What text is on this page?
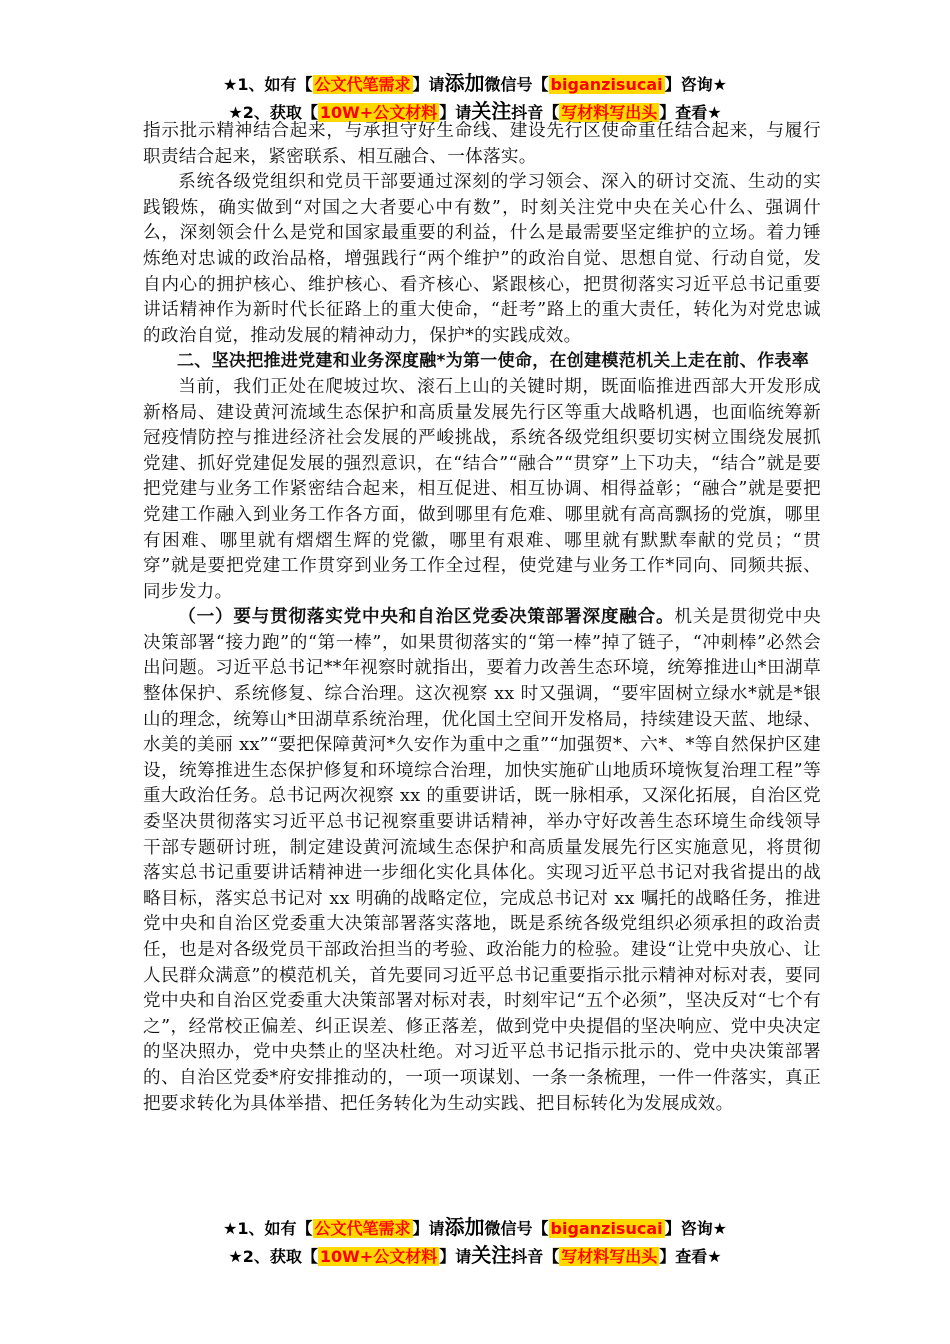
★1、如有【 公文代笔需求 】请添加微信号【 biganzisucai 】咨询★
★2、获取【 10W+公文材料 】请关注抖音【 写材料写出头 】查看★

指示批示精神结合起来，与承担守好生命线、建设先行区使命重任结合起来，与履行职责结合起来，紧密联系、相互融合、一体落实。

系统各级党组织和党员干部要通过深刻的学习领会、深入的研讨交流、生动的实践锻炼，确实做到“对国之大者要心中有数”，时刻关注党中央在关心什么、强调什么，深刻领会什么是党和国家最重要的利益，什么是最需要坚定维护的立场。着力锤炼绝对忠诚的政治品格，增强践行“两个维护”的政治自觉、思想自觉、行动自觉，发自内心的拥护核心、维护核心、看齐核心、紧跟核心，把贯彻落实习近平总书记重要讲话精神作为新时代长征路上的重大使命，“赶考”路上的重大责任，转化为对党忠诚的政治自觉，推动发展的精神动力，保护*的实践成效。

二、坚决把推进党建和业务深度融*为第一使命，在创建模范机关上走在前、作表率

当前，我们正处在爬坡过坎、滚石上山的关键时期，既面临推进西部大开发形成新格局、建设黄河流域生态保护和高质量发展先行区等重大战略机遇，也面临统筹新冠疫情防控与推进经济社会发展的严峻挑战，系统各级党组织要切实树立围绕发展抓党建、抓好党建促发展的强烈意识，在“结合”“融合”“贯穿”上下功夫，“结合”就是要把党建与业务工作紧密结合起来，相互促进、相互协调、相得益彰；“融合”就是要把党建工作融入到业务工作各方面，做到哪里有危难、哪里就有高高飘扬的党旗，哪里有困难、哪里就有熠熠生辉的党徽，哪里有艰难、哪里就有默默奉献的党员；“贯穿”就是要把党建工作贯穿到业务工作全过程，使党建与业务工作*同向、同频共振、同步发力。

（一）要与贯彻落实党中央和自治区党委决策部署深度融合。机关是贯彻党中央决策部署“接力跑”的“第一棒”，如果贯彻落实的“第一棒”掉了链子，“冲刺棒”必然会出问题。习近平总书记**年视察时就指出，要着力改善生态环境，统筹推进山*田湖草整体保护、系统修复、综合治理。这次视察 xx 时又强调，“要牢固树立绿水*就是*银山的理念，统筹山*田湖草系统治理，优化国土空间开发格局，持续建设天蓝、地绿、水美的美丽 xx”“要把保障黄河*久安作为重中之重”“加强贺*、六*、*等自然保护区建设，统筹推进生态保护修复和环境综合治理，加快实施矿山地质环境恢复治理工程”等重大政治任务。总书记两次视察 xx 的重要讲话，既一脉相承，又深化拓展，自治区党委坚决贯彻落实习近平总书记视察重要讲话精神，举办守好改善生态环境生命线领导干部专题研讨班，制定建设黄河流域生态保护和高质量发展先行区实施意见，将贯彻落实总书记重要讲话精神进一步细化实化具体化。实现习近平总书记对我省提出的战略目标，落实总书记对 xx 明确的战略定位，完成总书记对 xx 嘱托的战略任务，推进党中央和自治区党委重大决策部署落实落地，既是系统各级党组织必须承担的政治责任，也是对各级党员干部政治担当的考验、政治能力的检验。建设“让党中央放心、让人民群众满意”的模范机关，首先要同习近平总书记重要指示批示精神对标对表，要同党中央和自治区党委重大决策部署对标对表，时刻牢记“五个必须”，坚决反对“七个有之”，经常校正偏差、纠正误差、修正落差，做到党中央提倡的坚决响应、党中央决定的坚决照办，党中央禁止的坚决杜绝。对习近平总书记指示批示的、党中央决策部署的、自治区党委*府安排推动的，一项一项谋划、一条一条梳理，一件一件落实，真正把要求转化为具体举措、把任务转化为生动实践、把目标转化为发展成效。

★1、如有【 公文代笔需求 】请添加微信号【 biganzisucai 】咨询★
★2、获取【 10W+公文材料 】请关注抖音【 写材料写出头 】查看★
